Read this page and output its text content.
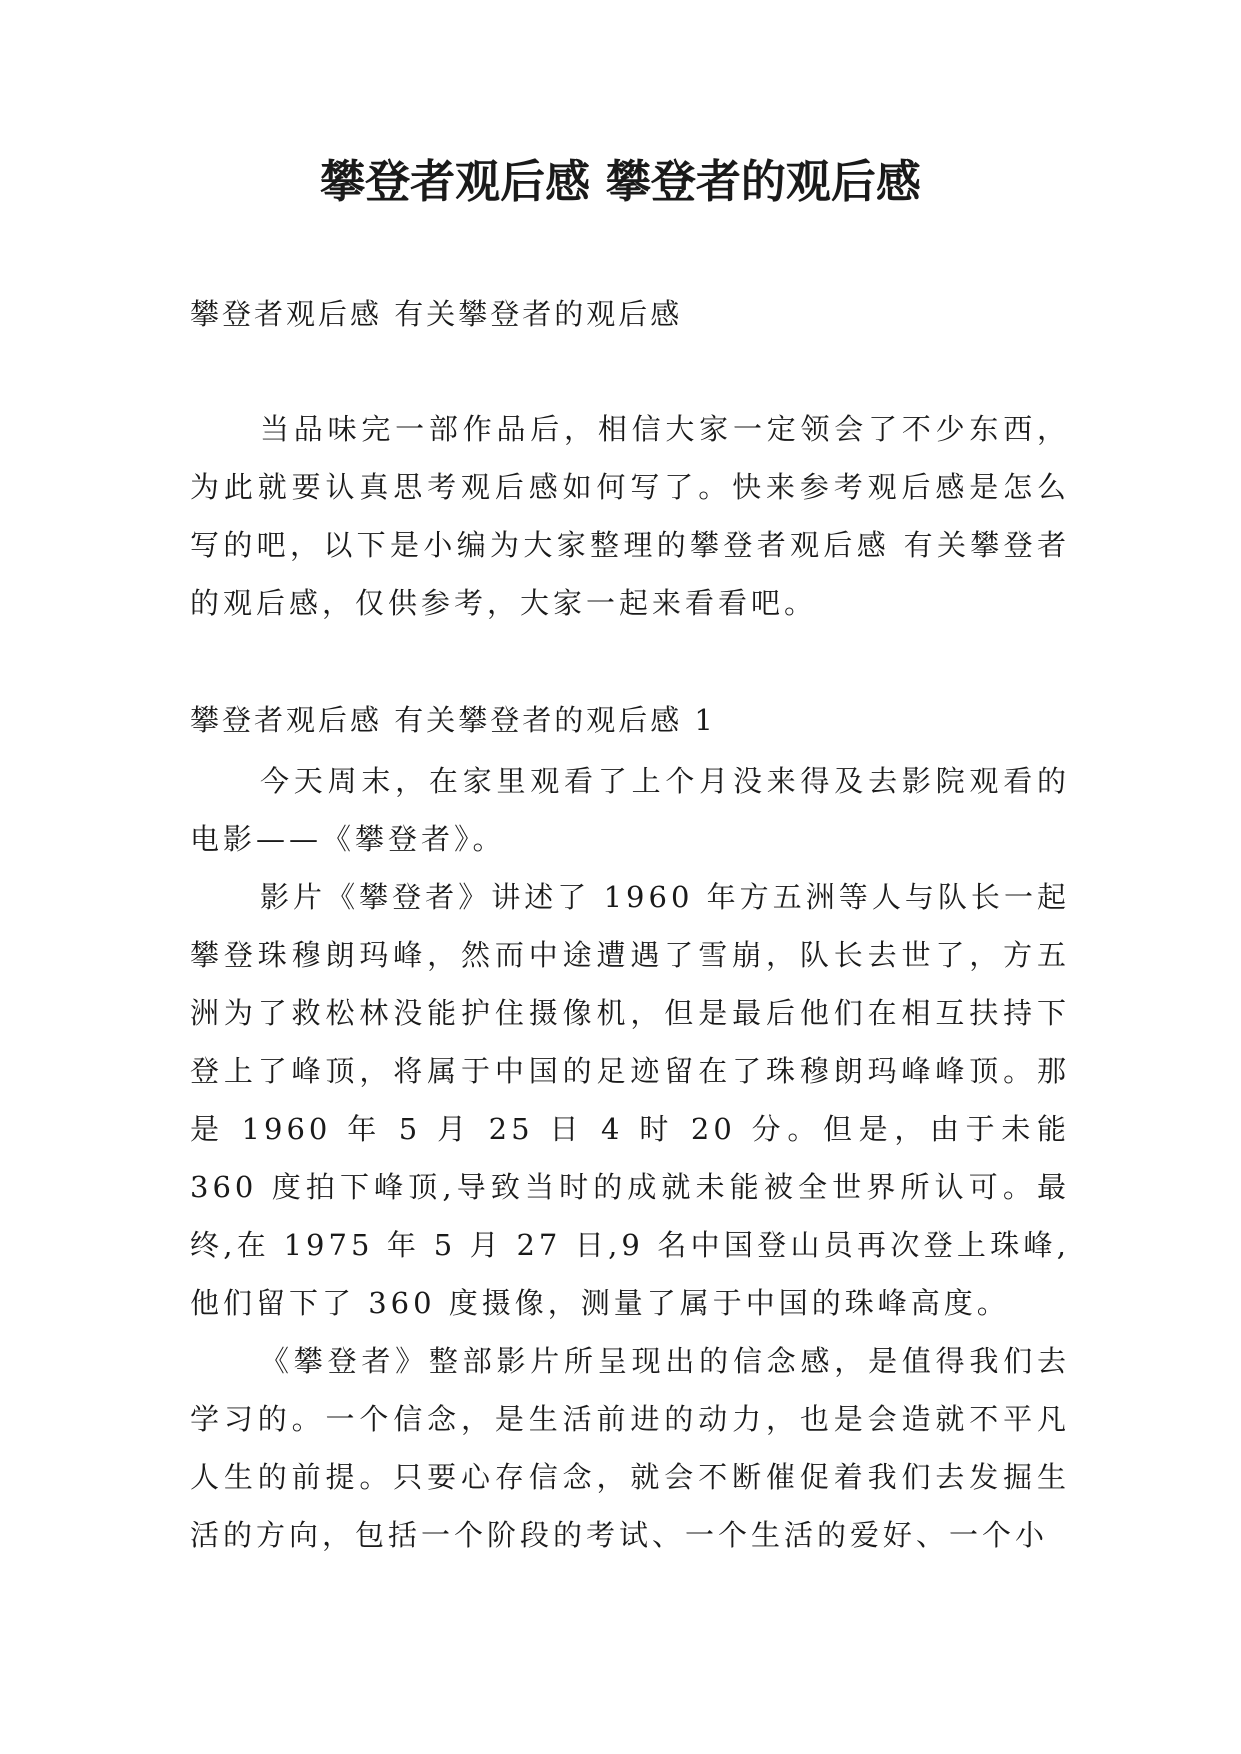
攀登者观后感 攀登者的观后感

攀登者观后感 有关攀登者的观后感

当品味完一部作品后，相信大家一定领会了不少东西，为此就要认真思考观后感如何写了。快来参考观后感是怎么写的吧，以下是小编为大家整理的攀登者观后感 有关攀登者的观后感，仅供参考，大家一起来看看吧。

攀登者观后感 有关攀登者的观后感 1

今天周末，在家里观看了上个月没来得及去影院观看的电影——《攀登者》。

影片《攀登者》讲述了 1960 年方五洲等人与队长一起攀登珠穆朗玛峰，然而中途遭遇了雪崩，队长去世了，方五洲为了救松林没能护住摄像机，但是最后他们在相互扶持下登上了峰顶，将属于中国的足迹留在了珠穆朗玛峰峰顶。那是 1960 年 5 月 25 日 4 时 20 分。但是，由于未能 360 度拍下峰顶,导致当时的成就未能被全世界所认可。最终,在 1975 年 5 月 27 日,9 名中国登山员再次登上珠峰,他们留下了 360 度摄像，测量了属于中国的珠峰高度。

《攀登者》整部影片所呈现出的信念感，是值得我们去学习的。一个信念，是生活前进的动力，也是会造就不平凡人生的前提。只要心存信念，就会不断催促着我们去发掘生活的方向，包括一个阶段的考试、一个生活的爱好、一个小
